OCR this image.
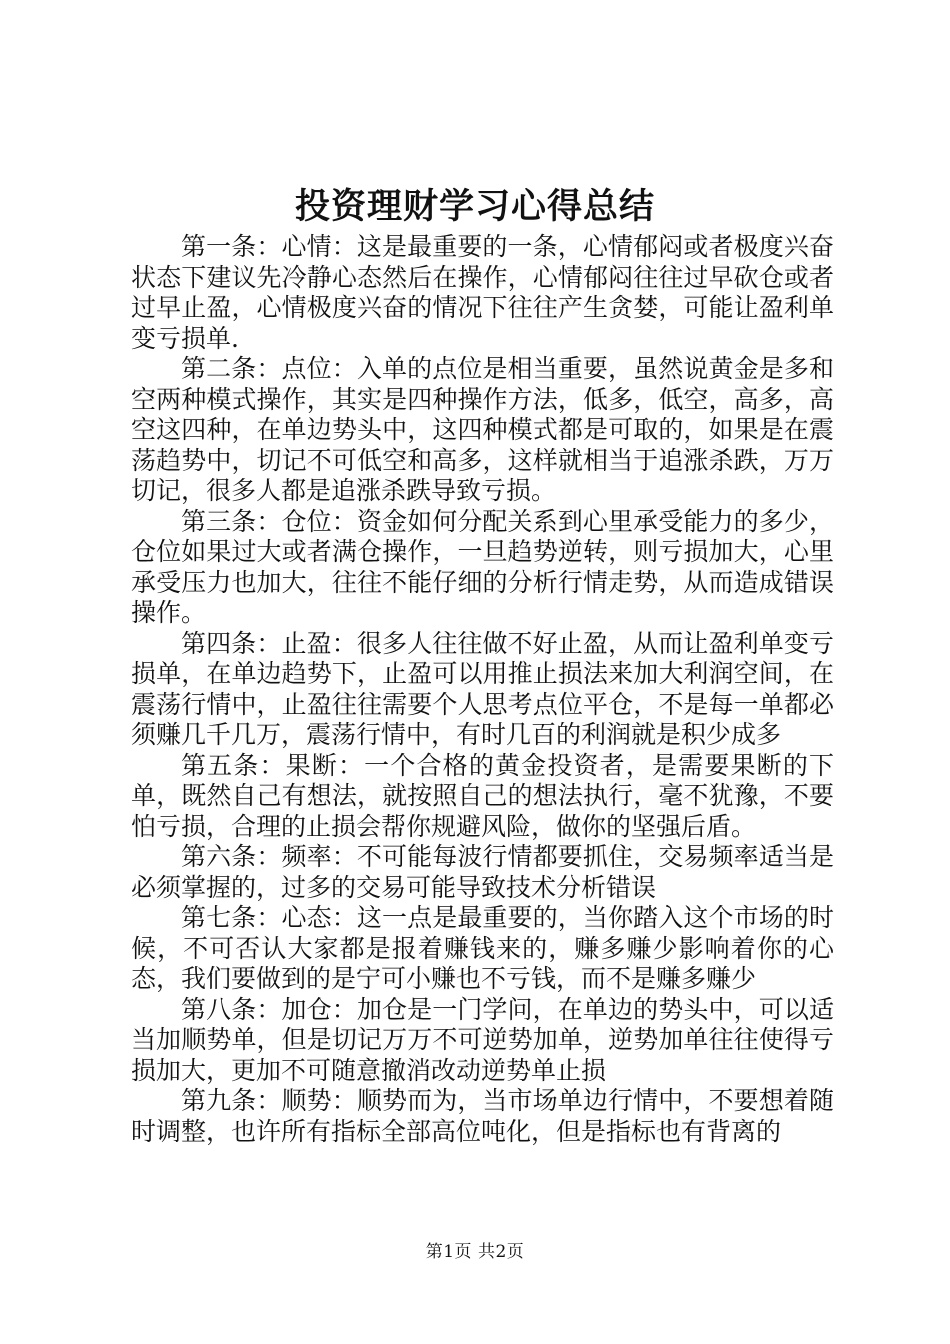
投资理财学习心得总结

第一条：心情：这是最重要的一条，心情郁闷或者极度兴奋状态下建议先冷静心态然后在操作，心情郁闷往往过早砍仓或者过早止盈，心情极度兴奋的情况下往往产生贪婪，可能让盈利单变亏损单.

第二条：点位：入单的点位是相当重要，虽然说黄金是多和空两种模式操作，其实是四种操作方法，低多，低空，高多，高空这四种，在单边势头中，这四种模式都是可取的，如果是在震荡趋势中，切记不可低空和高多，这样就相当于追涨杀跌，万万切记，很多人都是追涨杀跌导致亏损。

第三条：仓位：资金如何分配关系到心里承受能力的多少，仓位如果过大或者满仓操作，一旦趋势逆转，则亏损加大，心里承受压力也加大，往往不能仔细的分析行情走势，从而造成错误操作。

第四条：止盈：很多人往往做不好止盈，从而让盈利单变亏损单，在单边趋势下，止盈可以用推止损法来加大利润空间，在震荡行情中，止盈往往需要个人思考点位平仓，不是每一单都必须赚几千几万，震荡行情中，有时几百的利润就是积少成多

第五条：果断：一个合格的黄金投资者，是需要果断的下单，既然自己有想法，就按照自己的想法执行，毫不犹豫，不要怕亏损，合理的止损会帮你规避风险，做你的坚强后盾。

第六条：频率：不可能每波行情都要抓住，交易频率适当是必须掌握的，过多的交易可能导致技术分析错误

第七条：心态：这一点是最重要的，当你踏入这个市场的时候，不可否认大家都是报着赚钱来的，赚多赚少影响着你的心态，我们要做到的是宁可小赚也不亏钱，而不是赚多赚少

第八条：加仓：加仓是一门学问，在单边的势头中，可以适当加顺势单，但是切记万万不可逆势加单，逆势加单往往使得亏损加大，更加不可随意撤消改动逆势单止损

第九条：顺势：顺势而为，当市场单边行情中，不要想着随时调整，也许所有指标全部高位吨化，但是指标也有背离的

第1页 共2页
